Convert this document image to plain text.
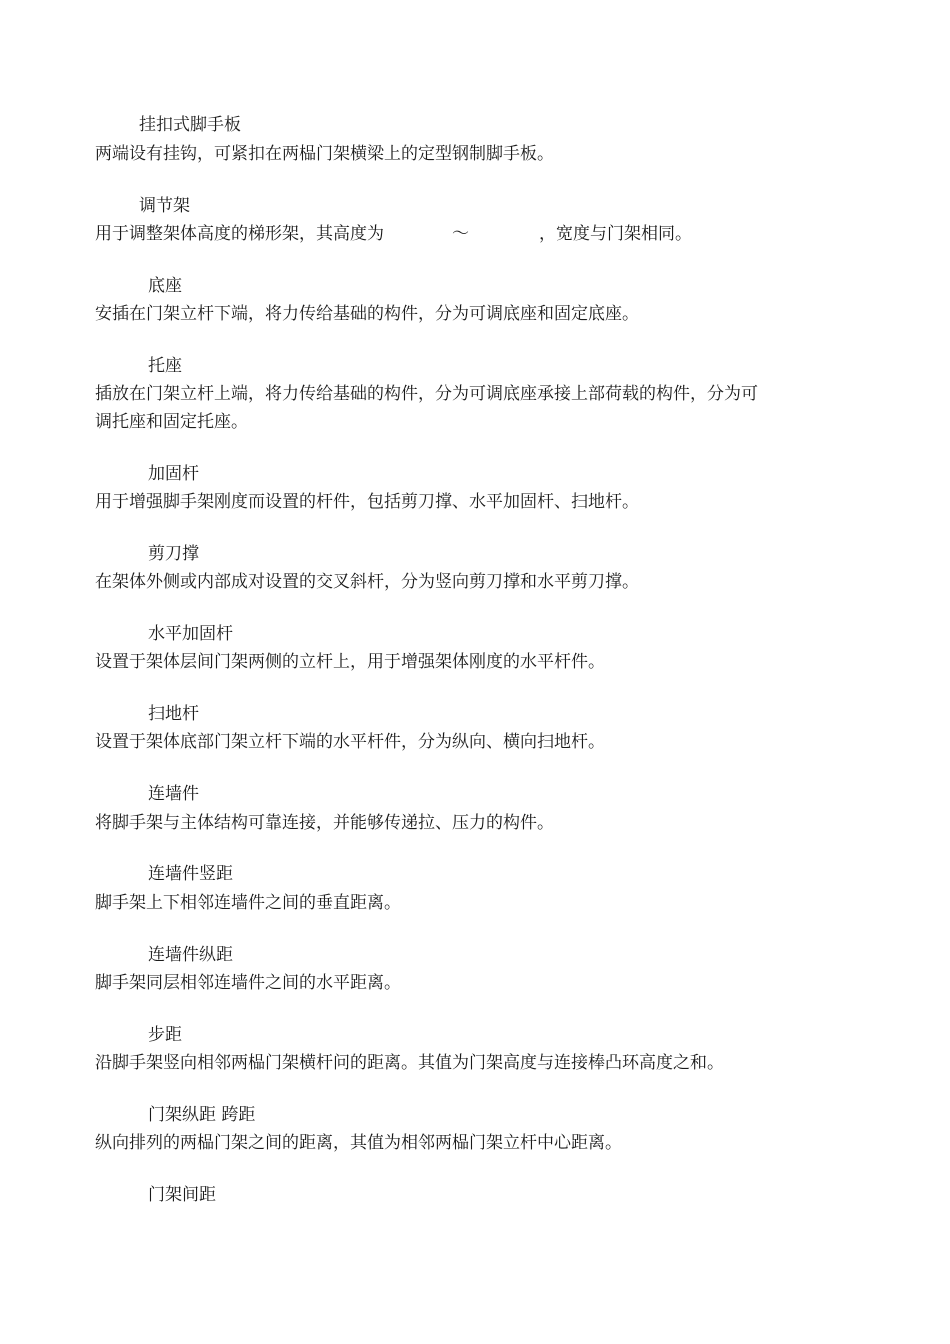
挂扣式脚手板
两端设有挂钩，可紧扣在两榀门架横梁上的定型钢制脚手板。
调节架
用于调整架体高度的梯形架，其高度为	～	，宽度与门架相同。
底座
安插在门架立杆下端，将力传给基础的构件，分为可调底座和固定底座。
托座
插放在门架立杆上端，将力传给基础的构件，分为可调底座承接上部荷载的构件，分为可
调托座和固定托座。
加固杆
用于增强脚手架刚度而设置的杆件，包括剪刀撑、水平加固杆、扫地杆。
剪刀撑
在架体外侧或内部成对设置的交叉斜杆，分为竖向剪刀撑和水平剪刀撑。
水平加固杆
设置于架体层间门架两侧的立杆上，用于增强架体刚度的水平杆件。
扫地杆
设置于架体底部门架立杆下端的水平杆件，分为纵向、横向扫地杆。
连墙件
将脚手架与主体结构可靠连接，并能够传递拉、压力的构件。
连墙件竖距
脚手架上下相邻连墙件之间的垂直距离。
连墙件纵距
脚手架同层相邻连墙件之间的水平距离。
步距
沿脚手架竖向相邻两榀门架横杆问的距离。其值为门架高度与连接棒凸环高度之和。
门架纵距 跨距
纵向排列的两榀门架之间的距离，其值为相邻两榀门架立杆中心距离。
门架间距
